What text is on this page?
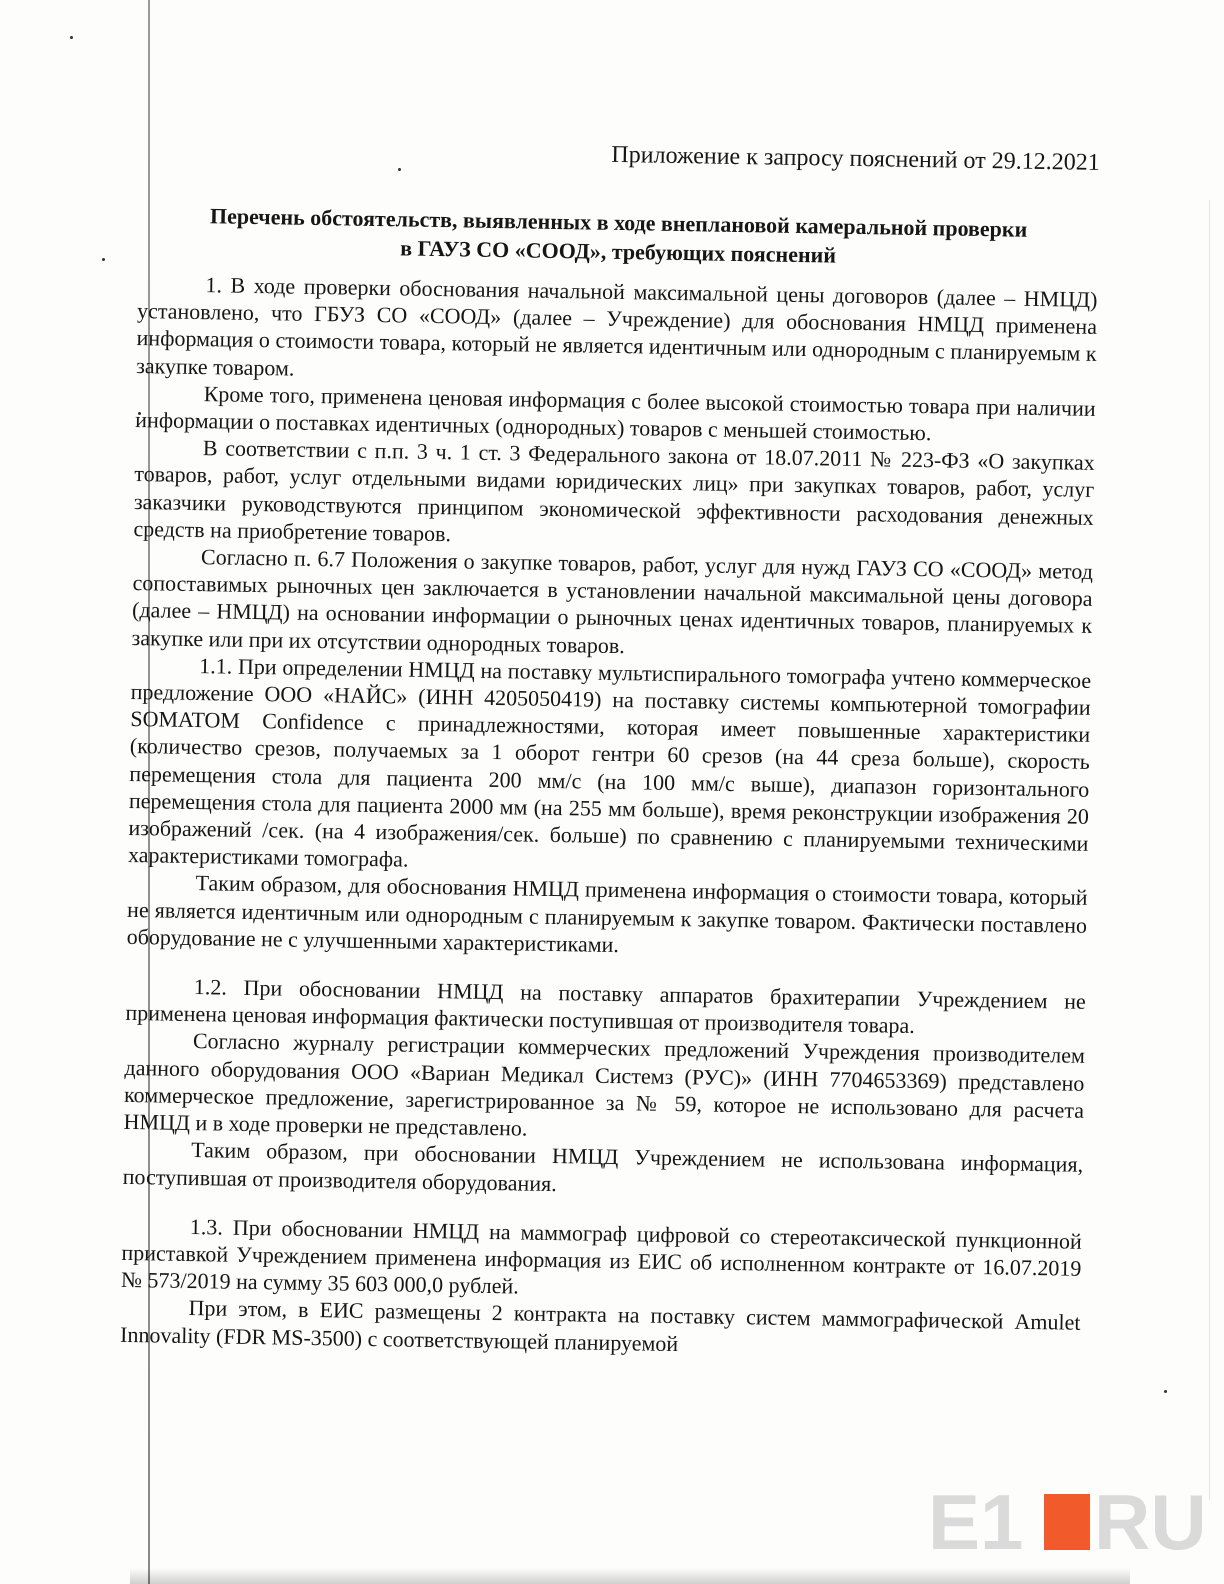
Приложение к запросу пояснений от 29.12.2021

Перечень обстоятельств, выявленных в ходе внеплановой камеральной проверки
в ГАУЗ СО «СООД», требующих пояснений

1. В ходе проверки обоснования начальной максимальной цены договоров (далее – НМЦД) установлено, что ГБУЗ СО «СООД» (далее – Учреждение) для обоснования НМЦД применена информация о стоимости товара, который не является идентичным или однородным с планируемым к закупке товаром.

Кроме того, применена ценовая информация с более высокой стоимостью товара при наличии информации о поставках идентичных (однородных) товаров с меньшей стоимостью.

В соответствии с п.п. 3 ч. 1 ст. 3 Федерального закона от 18.07.2011 № 223-ФЗ «О закупках товаров, работ, услуг отдельными видами юридических лиц» при закупках товаров, работ, услуг заказчики руководствуются принципом экономической эффективности расходования денежных средств на приобретение товаров.

Согласно п. 6.7 Положения о закупке товаров, работ, услуг для нужд ГАУЗ СО «СООД» метод сопоставимых рыночных цен заключается в установлении начальной максимальной цены договора (далее – НМЦД) на основании информации о рыночных ценах идентичных товаров, планируемых к закупке или при их отсутствии однородных товаров.

1.1. При определении НМЦД на поставку мультиспирального томографа учтено коммерческое предложение ООО «НАЙС» (ИНН 4205050419) на поставку системы компьютерной томографии SOMATOM Confidence с принадлежностями, которая имеет повышенные характеристики (количество срезов, получаемых за 1 оборот гентри 60 срезов (на 44 среза больше), скорость перемещения стола для пациента 200 мм/с (на 100 мм/с выше), диапазон горизонтального перемещения стола для пациента 2000 мм (на 255 мм больше), время реконструкции изображения 20 изображений /сек. (на 4 изображения/сек. больше) по сравнению с планируемыми техническими характеристиками томографа.

Таким образом, для обоснования НМЦД применена информация о стоимости товара, который не является идентичным или однородным с планируемым к закупке товаром. Фактически поставлено оборудование не с улучшенными характеристиками.

1.2. При обосновании НМЦД на поставку аппаратов брахитерапии Учреждением не применена ценовая информация фактически поступившая от производителя товара.

Согласно журналу регистрации коммерческих предложений Учреждения производителем данного оборудования ООО «Вариан Медикал Системз (РУС)» (ИНН 7704653369) представлено коммерческое предложение, зарегистрированное за № 59, которое не использовано для расчета НМЦД и в ходе проверки не представлено.

Таким образом, при обосновании НМЦД Учреждением не использована информация, поступившая от производителя оборудования.

1.3. При обосновании НМЦД на маммограф цифровой со стереотаксической пункционной приставкой Учреждением применена информация из ЕИС об исполненном контракте от 16.07.2019 № 573/2019 на сумму 35 603 000,0 рублей.

При этом, в ЕИС размещены 2 контракта на поставку систем маммографической Amulet Innovality (FDR MS-3500) с соответствующей планируемой

E1 RU
